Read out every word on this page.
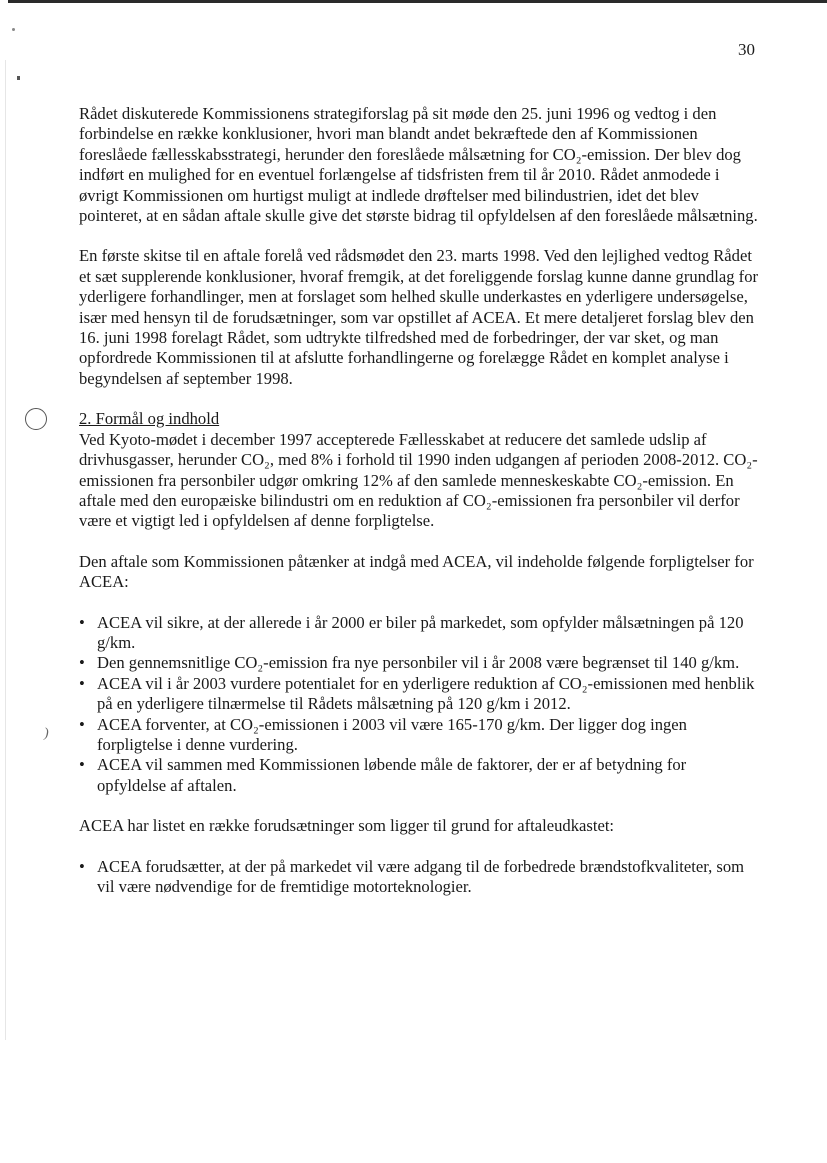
)
30

Rådet diskuterede Kommissionens strategiforslag på sit møde den 25. juni 1996 og vedtog i den forbindelse en række konklusioner, hvori man blandt andet bekræftede den af Kommissionen foreslåede fællesskabsstrategi, herunder den foreslåede målsætning for CO₂-emission. Der blev dog indført en mulighed for en eventuel forlængelse af tidsfristen frem til år 2010. Rådet anmodede i øvrigt Kommissionen om hurtigst muligt at indlede drøftelser med bilindustrien, idet det blev pointeret, at en sådan aftale skulle give det største bidrag til opfyldelsen af den foreslåede målsætning.

En første skitse til en aftale forelå ved rådsmødet den 23. marts 1998. Ved den lejlighed vedtog Rådet et sæt supplerende konklusioner, hvoraf fremgik, at det foreliggende forslag kunne danne grundlag for yderligere forhandlinger, men at forslaget som helhed skulle underkastes en yderligere undersøgelse, især med hensyn til de forudsætninger, som var opstillet af ACEA. Et mere detaljeret forslag blev den 16. juni 1998 forelagt Rådet, som udtrykte tilfredshed med de forbedringer, der var sket, og man opfordrede Kommissionen til at afslutte forhandlingerne og forelægge Rådet en komplet analyse i begyndelsen af september 1998.

2. Formål og indhold

Ved Kyoto-mødet i december 1997 accepterede Fællesskabet at reducere det samlede udslip af drivhusgasser, herunder CO₂, med 8% i forhold til 1990 inden udgangen af perioden 2008-2012. CO₂-emissionen fra personbiler udgør omkring 12% af den samlede menneskeskabte CO₂-emission. En aftale med den europæiske bilindustri om en reduktion af CO₂-emissionen fra personbiler vil derfor være et vigtigt led i opfyldelsen af denne forpligtelse.

Den aftale som Kommissionen påtænker at indgå med ACEA, vil indeholde følgende forpligtelser for ACEA:

• ACEA vil sikre, at der allerede i år 2000 er biler på markedet, som opfylder målsætningen på 120 g/km.
• Den gennemsnitlige CO₂-emission fra nye personbiler vil i år 2008 være begrænset til 140 g/km.
• ACEA vil i år 2003 vurdere potentialet for en yderligere reduktion af CO₂-emissionen med henblik på en yderligere tilnærmelse til Rådets målsætning på 120 g/km i 2012.
• ACEA forventer, at CO₂-emissionen i 2003 vil være 165-170 g/km. Der ligger dog ingen forpligtelse i denne vurdering.
• ACEA vil sammen med Kommissionen løbende måle de faktorer, der er af betydning for opfyldelse af aftalen.

ACEA har listet en række forudsætninger som ligger til grund for aftaleudkastet:

• ACEA forudsætter, at der på markedet vil være adgang til de forbedrede brændstofkvaliteter, som vil være nødvendige for de fremtidige motorteknologier.
